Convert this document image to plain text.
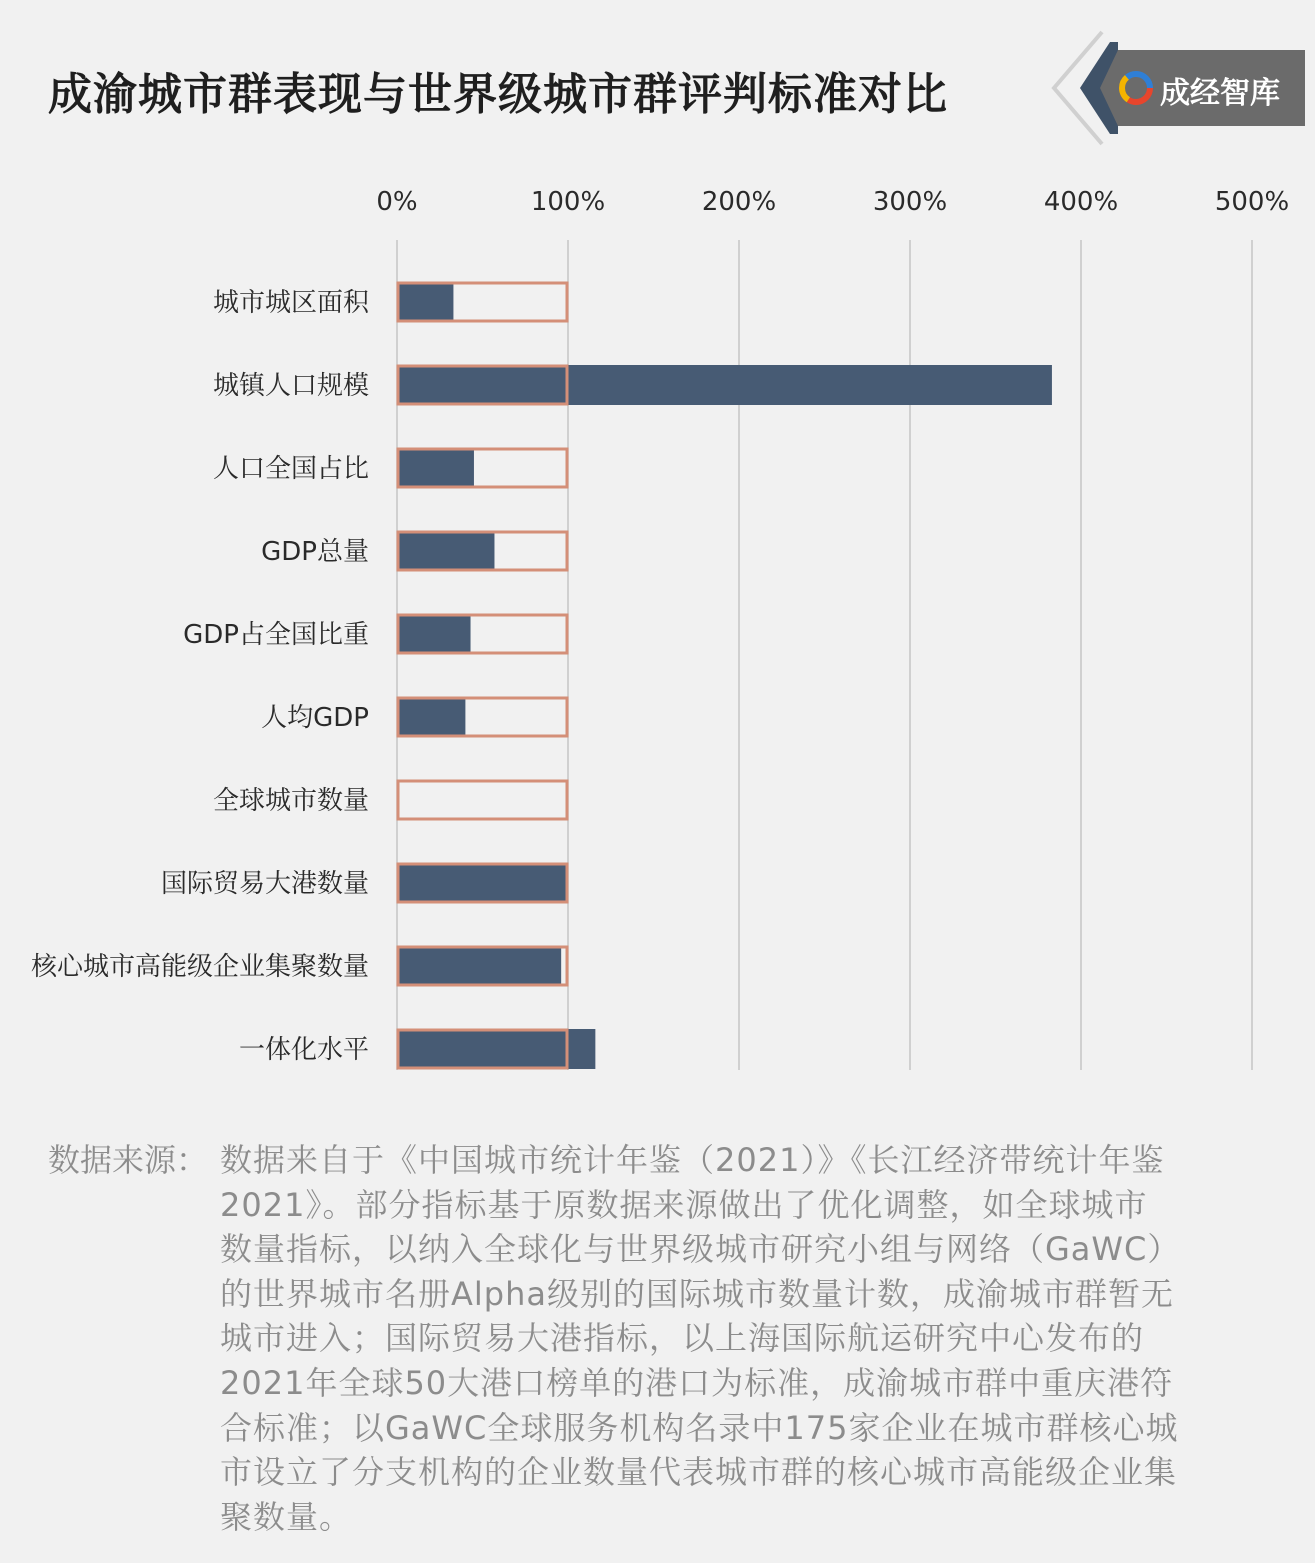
成渝城市群表现与世界级城市群评判标准对比	成经智库
0%	100%	200%	300%	400%	500%
城市城区面积
城镇人口规模
人口全国占比
GDP总量
GDP占全国比重
人均GDP
全球城市数量
国际贸易大港数量
核心城市高能级企业集聚数量
一体化水平
数据来源： 数据来自于《中国城市统计年鉴（2021）》《长江经济带统计年鉴
2021》。部分指标基于原数据来源做出了优化调整，如全球城市
数量指标，以纳入全球化与世界级城市研究小组与网络（GaWC）
的世界城市名册Alpha级别的国际城市数量计数，成渝城市群暂无
城市进入；国际贸易大港指标，以上海国际航运研究中心发布的
2021年全球50大港口榜单的港口为标准，成渝城市群中重庆港符
合标准；以GaWC全球服务机构名录中175家企业在城市群核心城
市设立了分支机构的企业数量代表城市群的核心城市高能级企业集
聚数量。
